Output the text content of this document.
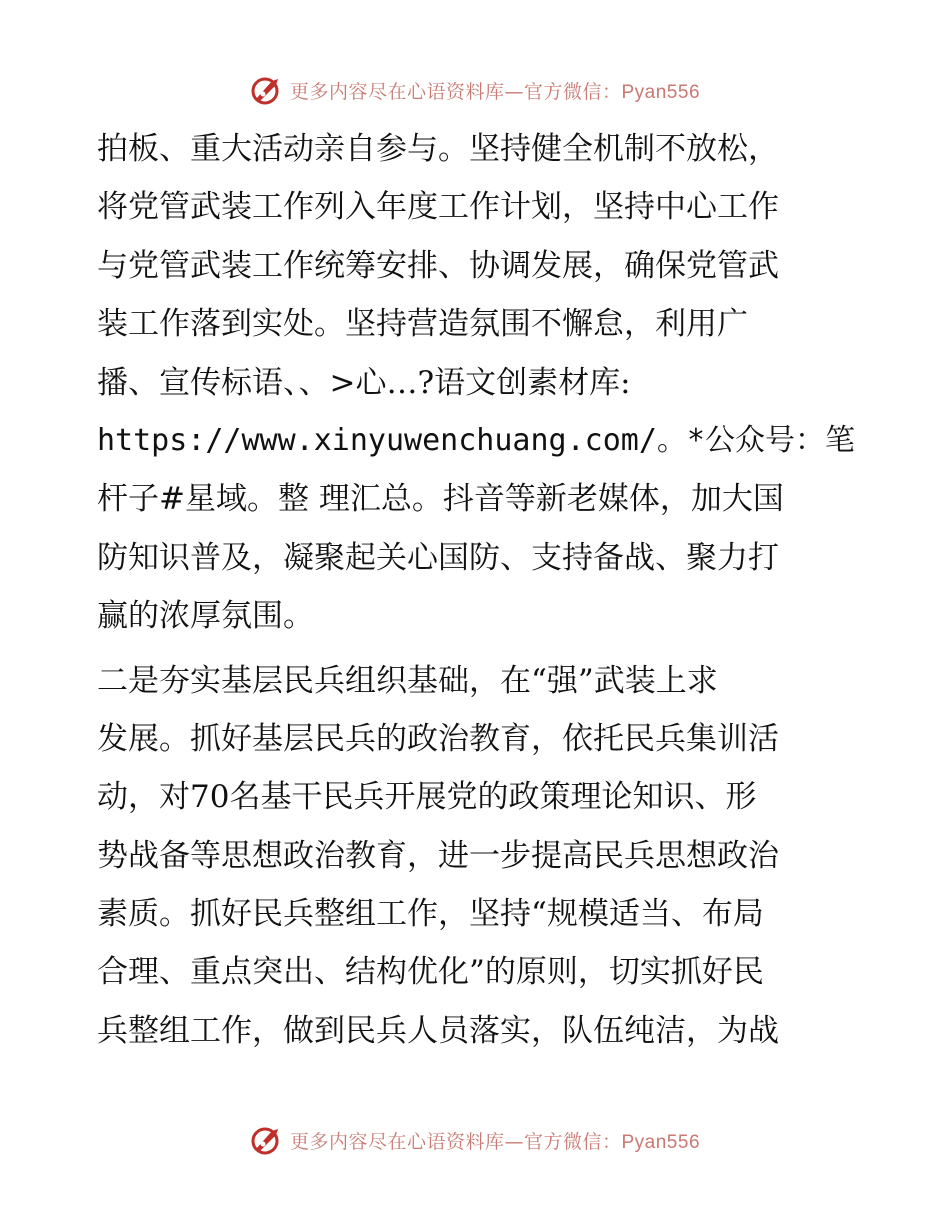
更多内容尽在心语资料库—官方微信：Pyan556
拍板、重大活动亲自参与。坚持健全机制不放松，
将党管武装工作列入年度工作计划，坚持中心工作
与党管武装工作统筹安排、协调发展，确保党管武
装工作落到实处。坚持营造氛围不懈怠，利用广
播、宣传标语、、>心…?语文创素材库:
https://www.xinyuwenchuang.com/。*公众号：笔
杆子#星域。整 理汇总。抖音等新老媒体，加大国
防知识普及，凝聚起关心国防、支持备战、聚力打
赢的浓厚氛围。
二是夯实基层民兵组织基础，在“强”武装上求
发展。抓好基层民兵的政治教育，依托民兵集训活
动，对70名基干民兵开展党的政策理论知识、形
势战备等思想政治教育，进一步提高民兵思想政治
素质。抓好民兵整组工作，坚持“规模适当、布局
合理、重点突出、结构优化”的原则，切实抓好民
兵整组工作，做到民兵人员落实，队伍纯洁，为战
更多内容尽在心语资料库—官方微信：Pyan556
